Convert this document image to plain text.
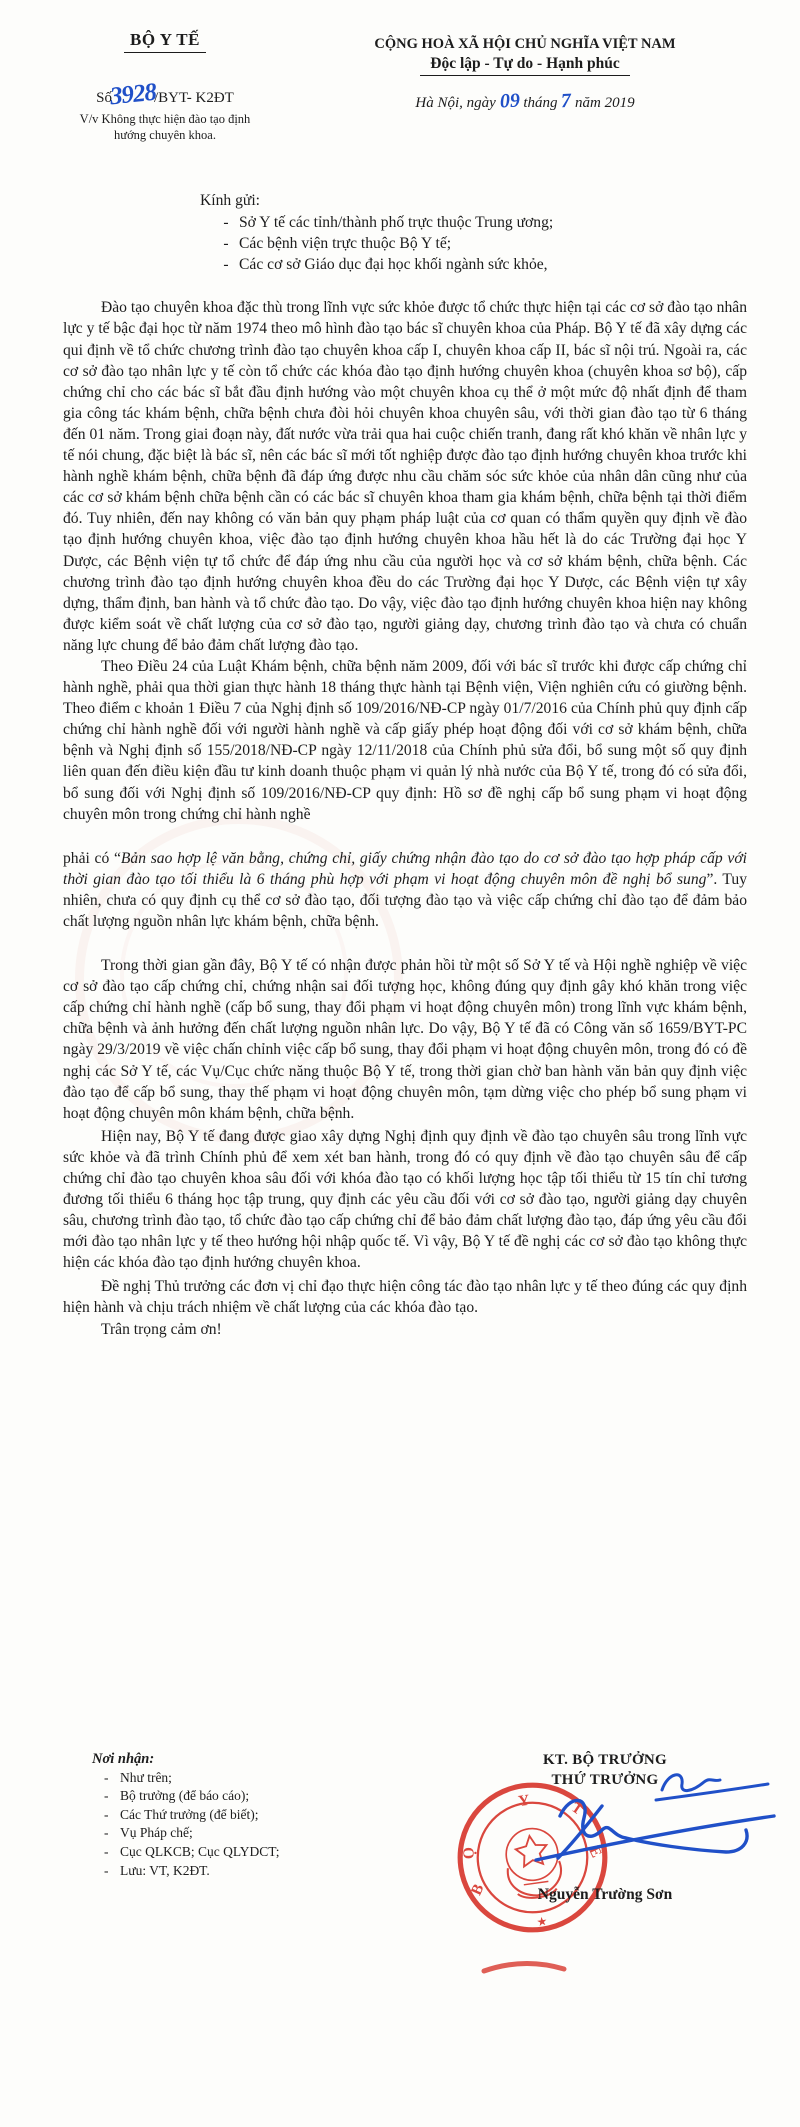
BỘ Y TẾ
Số3928/BYT- K2ĐT
V/v Không thực hiện đào tạo định
hướng chuyên khoa.
CỘNG HOÀ XÃ HỘI CHỦ NGHĨA VIỆT NAM
Độc lập - Tự do - Hạnh phúc
Hà Nội, ngày 09 tháng 7 năm 2019
Kính gửi:
- Sở Y tế các tỉnh/thành phố trực thuộc Trung ương;
- Các bệnh viện trực thuộc Bộ Y tế;
- Các cơ sở Giáo dục đại học khối ngành sức khỏe,

Đào tạo chuyên khoa đặc thù trong lĩnh vực sức khỏe được tổ chức thực hiện tại các cơ sở đào tạo nhân lực y tế bậc đại học từ năm 1974 theo mô hình đào tạo bác sĩ chuyên khoa của Pháp. Bộ Y tế đã xây dựng các qui định về tổ chức chương trình đào tạo chuyên khoa cấp I, chuyên khoa cấp II, bác sĩ nội trú. Ngoài ra, các cơ sở đào tạo nhân lực y tế còn tổ chức các khóa đào tạo định hướng chuyên khoa (chuyên khoa sơ bộ), cấp chứng chỉ cho các bác sĩ bắt đầu định hướng vào một chuyên khoa cụ thể ở một mức độ nhất định để tham gia công tác khám bệnh, chữa bệnh chưa đòi hỏi chuyên khoa chuyên sâu, với thời gian đào tạo từ 6 tháng đến 01 năm. Trong giai đoạn này, đất nước vừa trải qua hai cuộc chiến tranh, đang rất khó khăn về nhân lực y tế nói chung, đặc biệt là bác sĩ, nên các bác sĩ mới tốt nghiệp được đào tạo định hướng chuyên khoa trước khi hành nghề khám bệnh, chữa bệnh đã đáp ứng được nhu cầu chăm sóc sức khỏe của nhân dân cũng như của các cơ sở khám bệnh chữa bệnh cần có các bác sĩ chuyên khoa tham gia khám bệnh, chữa bệnh tại thời điểm đó. Tuy nhiên, đến nay không có văn bản quy phạm pháp luật của cơ quan có thẩm quyền quy định về đào tạo định hướng chuyên khoa, việc đào tạo định hướng chuyên khoa hầu hết là do các Trường đại học Y Dược, các Bệnh viện tự tổ chức để đáp ứng nhu cầu của người học và cơ sở khám bệnh, chữa bệnh. Các chương trình đào tạo định hướng chuyên khoa đều do các Trường đại học Y Dược, các Bệnh viện tự xây dựng, thẩm định, ban hành và tổ chức đào tạo. Do vậy, việc đào tạo định hướng chuyên khoa hiện nay không được kiểm soát về chất lượng của cơ sở đào tạo, người giảng dạy, chương trình đào tạo và chưa có chuẩn năng lực chung để bảo đảm chất lượng đào tạo.

Theo Điều 24 của Luật Khám bệnh, chữa bệnh năm 2009, đối với bác sĩ trước khi được cấp chứng chỉ hành nghề, phải qua thời gian thực hành 18 tháng thực hành tại Bệnh viện, Viện nghiên cứu có giường bệnh. Theo điểm c khoản 1 Điều 7 của Nghị định số 109/2016/NĐ-CP ngày 01/7/2016 của Chính phủ quy định cấp chứng chỉ hành nghề đối với người hành nghề và cấp giấy phép hoạt động đối với cơ sở khám bệnh, chữa bệnh và Nghị định số 155/2018/NĐ-CP ngày 12/11/2018 của Chính phủ sửa đổi, bổ sung một số quy định liên quan đến điều kiện đầu tư kinh doanh thuộc phạm vi quản lý nhà nước của Bộ Y tế, trong đó có sửa đổi, bổ sung đối với Nghị định số 109/2016/NĐ-CP quy định: Hồ sơ đề nghị cấp bổ sung phạm vi hoạt động chuyên môn trong chứng chỉ hành nghề

phải có “Bản sao hợp lệ văn bằng, chứng chỉ, giấy chứng nhận đào tạo do cơ sở đào tạo hợp pháp cấp với thời gian đào tạo tối thiểu là 6 tháng phù hợp với phạm vi hoạt động chuyên môn đề nghị bổ sung”. Tuy nhiên, chưa có quy định cụ thể cơ sở đào tạo, đối tượng đào tạo và việc cấp chứng chỉ đào tạo để đảm bảo chất lượng nguồn nhân lực khám bệnh, chữa bệnh.

Trong thời gian gần đây, Bộ Y tế có nhận được phản hồi từ một số Sở Y tế và Hội nghề nghiệp về việc cơ sở đào tạo cấp chứng chỉ, chứng nhận sai đối tượng học, không đúng quy định gây khó khăn trong việc cấp chứng chỉ hành nghề (cấp bổ sung, thay đổi phạm vi hoạt động chuyên môn) trong lĩnh vực khám bệnh, chữa bệnh và ảnh hưởng đến chất lượng nguồn nhân lực. Do vậy, Bộ Y tế đã có Công văn số 1659/BYT-PC ngày 29/3/2019 về việc chấn chỉnh việc cấp bổ sung, thay đổi phạm vi hoạt động chuyên môn, trong đó có đề nghị các Sở Y tế, các Vụ/Cục chức năng thuộc Bộ Y tế, trong thời gian chờ ban hành văn bản quy định việc đào tạo để cấp bổ sung, thay thế phạm vi hoạt động chuyên môn, tạm dừng việc cho phép bổ sung phạm vi hoạt động chuyên môn khám bệnh, chữa bệnh.

Hiện nay, Bộ Y tế đang được giao xây dựng Nghị định quy định về đào tạo chuyên sâu trong lĩnh vực sức khỏe và đã trình Chính phủ để xem xét ban hành, trong đó có quy định về đào tạo chuyên sâu để cấp chứng chỉ đào tạo chuyên khoa sâu đối với khóa đào tạo có khối lượng học tập tối thiểu từ 15 tín chỉ tương đương tối thiểu 6 tháng học tập trung, quy định các yêu cầu đối với cơ sở đào tạo, người giảng dạy chuyên sâu, chương trình đào tạo, tổ chức đào tạo cấp chứng chỉ để bảo đảm chất lượng đào tạo, đáp ứng yêu cầu đổi mới đào tạo nhân lực y tế theo hướng hội nhập quốc tế. Vì vậy, Bộ Y tế đề nghị các cơ sở đào tạo không thực hiện các khóa đào tạo định hướng chuyên khoa.

Đề nghị Thủ trưởng các đơn vị chỉ đạo thực hiện công tác đào tạo nhân lực y tế theo đúng các quy định hiện hành và chịu trách nhiệm về chất lượng của các khóa đào tạo.

Trân trọng cảm ơn!
Nơi nhận:
- Như trên;
- Bộ trưởng (để báo cáo);
- Các Thứ trưởng (để biết);
- Vụ Pháp chế;
- Cục QLKCB; Cục QLYDCT;
- Lưu: VT, K2ĐT.
KT. BỘ TRƯỞNG
THỨ TRƯỞNG
B
Ộ
Y T
Ế
★
Nguyễn Trường Sơn
